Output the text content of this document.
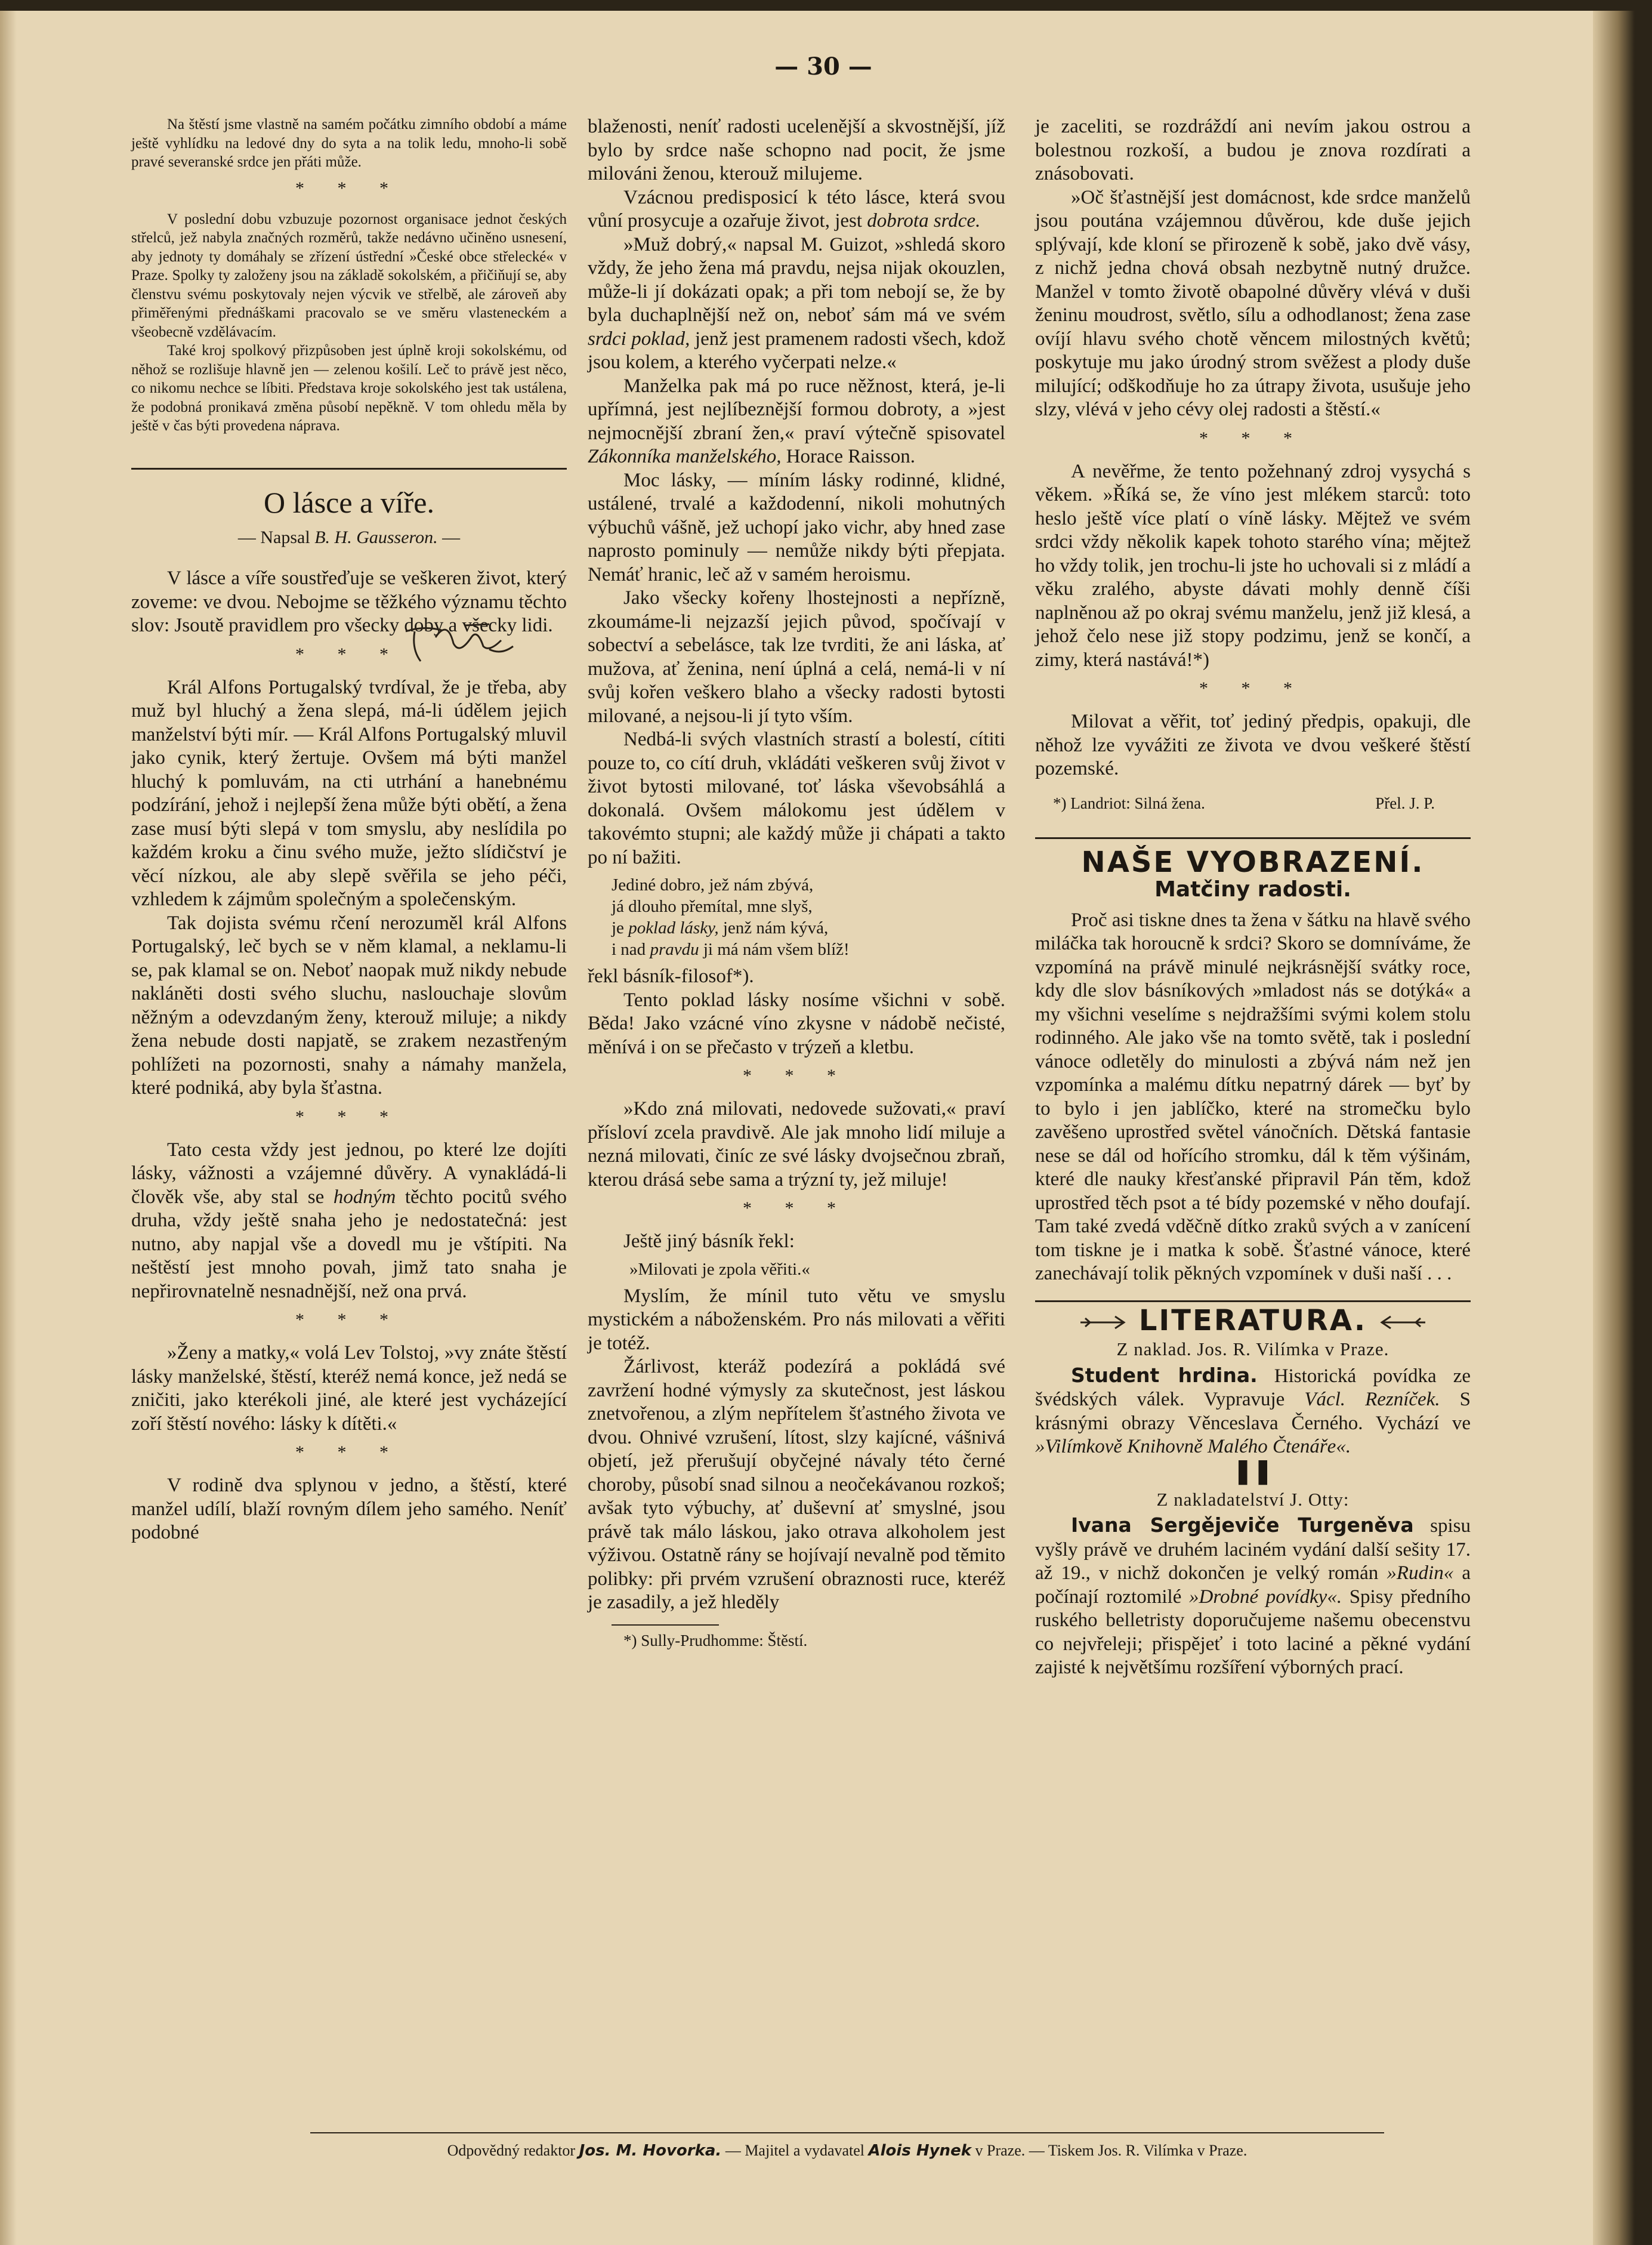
— 30 —

Na štěstí jsme vlastně na samém počátku zimního období a máme ještě vyhlídku na ledové dny do syta a na tolik ledu, mnoho-li sobě pravé severanské srdce jen přáti může.

* * *

V poslední dobu vzbuzuje pozornost organisace jednot českých střelců, jež nabyla značných rozměrů, takže nedávno učiněno usnesení, aby jednoty ty domáhaly se zřízení ústřední »České obce střelecké« v Praze. Spolky ty založeny jsou na základě sokolském, a přičiňují se, aby členstvu svému poskytovaly nejen výcvik ve střelbě, ale zároveň aby přiměřenými přednáškami pracovalo se ve směru vlasteneckém a všeobecně vzdělávacím.

Také kroj spolkový přizpůsoben jest úplně kroji sokolskému, od něhož se rozlišuje hlavně jen — zelenou košilí. Leč to právě jest něco, co nikomu nechce se líbiti. Představa kroje sokolského jest tak ustálena, že podobná pronikavá změna působí nepěkně. V tom ohledu měla by ještě v čas býti provedena náprava.

O lásce a víře.
— Napsal B. H. Gausseron. —

V lásce a víře soustřeďuje se veškeren život, který zoveme: ve dvou. Nebojme se těžkého významu těchto slov: Jsoutě pravidlem pro všecky doby a všecky lidi.

* * *

Král Alfons Portugalský tvrdíval, že je třeba, aby muž byl hluchý a žena slepá, má-li údělem jejich manželství býti mír. — Král Alfons Portugalský mluvil jako cynik, který žertuje. Ovšem má býti manžel hluchý k pomluvám, na cti utrhání a hanebnému podzírání, jehož i nejlepší žena může býti obětí, a žena zase musí býti slepá v tom smyslu, aby neslídila po každém kroku a činu svého muže, ježto slídičství je věcí nízkou, ale aby slepě svěřila se jeho péči, vzhledem k zájmům společným a společenským.

Tak dojista svému rčení nerozuměl král Alfons Portugalský, leč bych se v něm klamal, a neklamu-li se, pak klamal se on. Neboť naopak muž nikdy nebude nakláněti dosti svého sluchu, naslouchaje slovům něžným a odevzdaným ženy, kterouž miluje; a nikdy žena nebude dosti napjatě, se zrakem nezastřeným pohlížeti na pozornosti, snahy a námahy manžela, které podniká, aby byla šťastna.

* * *

Tato cesta vždy jest jednou, po které lze dojíti lásky, vážnosti a vzájemné důvěry. A vynakládá-li člověk vše, aby stal se hodným těchto pocitů svého druha, vždy ještě snaha jeho je nedostatečná: jest nutno, aby napjal vše a dovedl mu je vštípiti. Na neštěstí jest mnoho povah, jimž tato snaha je nepřirovnatelně nesnadnější, než ona prvá.

* * *

»Ženy a matky,« volá Lev Tolstoj, »vy znáte štěstí lásky manželské, štěstí, kteréž nemá konce, jež nedá se zničiti, jako kterékoli jiné, ale které jest vycházející zoří štěstí nového: lásky k dítěti.«

* * *

V rodině dva splynou v jedno, a štěstí, které manžel udílí, blaží rovným dílem jeho samého. Neníť podobné

blaženosti, neníť radosti ucelenější a skvostnější, jíž bylo by srdce naše schopno nad pocit, že jsme milováni ženou, kterouž milujeme.

Vzácnou predisposicí k této lásce, která svou vůní prosycuje a ozařuje život, jest dobrota srdce.

»Muž dobrý,« napsal M. Guizot, »shledá skoro vždy, že jeho žena má pravdu, nejsa nijak okouzlen, může-li jí dokázati opak; a při tom nebojí se, že by byla duchaplnější než on, neboť sám má ve svém srdci poklad, jenž jest pramenem radosti všech, kdož jsou kolem, a kterého vyčerpati nelze.«

Manželka pak má po ruce něžnost, která, je-li upřímná, jest nejlíbeznější formou dobroty, a »jest nejmocnější zbraní žen,« praví výtečně spisovatel Zákonníka manželského, Horace Raisson.

Moc lásky, — míním lásky rodinné, klidné, ustálené, trvalé a každodenní, nikoli mohutných výbuchů vášně, jež uchopí jako vichr, aby hned zase naprosto pominuly — nemůže nikdy býti přepjata. Nemáť hranic, leč až v samém heroismu.

Jako všecky kořeny lhostejnosti a nepřízně, zkoumáme-li nejzazší jejich původ, spočívají v sobectví a sebelásce, tak lze tvrditi, že ani láska, ať mužova, ať ženina, není úplná a celá, nemá-li v ní svůj kořen veškero blaho a všecky radosti bytosti milované, a nejsou-li jí tyto vším.

Nedbá-li svých vlastních strastí a bolestí, cítiti pouze to, co cítí druh, vkládáti veškeren svůj život v život bytosti milované, toť láska vševobsáhlá a dokonalá. Ovšem málokomu jest údělem v takovémto stupni; ale každý může ji chápati a takto po ní bažiti.

Jediné dobro, jež nám zbývá,
já dlouho přemítal, mne slyš,
je poklad lásky, jenž nám kývá,
i nad pravdu ji má nám všem blíž!

řekl básník-filosof*).

Tento poklad lásky nosíme všichni v sobě. Běda! Jako vzácné víno zkysne v nádobě nečisté, měnívá i on se přečasto v trýzeň a kletbu.

* * *

»Kdo zná milovati, nedovede sužovati,« praví přísloví zcela pravdivě. Ale jak mnoho lidí miluje a nezná milovati, činíc ze své lásky dvojsečnou zbraň, kterou drásá sebe sama a trýzní ty, jež miluje!

* * *

Ještě jiný básník řekl:

»Milovati je zpola věřiti.«

Myslím, že mínil tuto větu ve smyslu mystickém a náboženském. Pro nás milovati a věřiti je totéž.

Žárlivost, kteráž podezírá a pokládá své zavržení hodné výmysly za skutečnost, jest láskou znetvořenou, a zlým nepřítelem šťastného života ve dvou. Ohnivé vzrušení, lítost, slzy kajícné, vášnivá objetí, jež přerušují obyčejné návaly této černé choroby, působí snad silnou a neočekávanou rozkoš; avšak tyto výbuchy, ať duševní ať smyslné, jsou právě tak málo láskou, jako otrava alkoholem jest výživou. Ostatně rány se hojívají nevalně pod těmito polibky: při prvém vzrušení obraznosti ruce, kteréž je zasadily, a jež hleděly

*) Sully-Prudhomme: Štěstí.

je zaceliti, se rozdráždí ani nevím jakou ostrou a bolestnou rozkoší, a budou je znova rozdírati a znásobovati.

»Oč šťastnější jest domácnost, kde srdce manželů jsou poutána vzájemnou důvěrou, kde duše jejich splývají, kde kloní se přirozeně k sobě, jako dvě vásy, z nichž jedna chová obsah nezbytně nutný družce. Manžel v tomto životě obapolné důvěry vlévá v duši ženinu moudrost, světlo, sílu a odhodlanost; žena zase ovíjí hlavu svého chotě věncem milostných květů; poskytuje mu jako úrodný strom svěžest a plody duše milující; odškodňuje ho za útrapy života, usušuje jeho slzy, vlévá v jeho cévy olej radosti a štěstí.«

* * *

A nevěřme, že tento požehnaný zdroj vysychá s věkem. »Říká se, že víno jest mlékem starců: toto heslo ještě více platí o víně lásky. Mějtež ve svém srdci vždy několik kapek tohoto starého vína; mějtež ho vždy tolik, jen trochu-li jste ho uchovali si z mládí a věku zralého, abyste dávati mohly denně číši naplněnou až po okraj svému manželu, jenž již klesá, a jehož čelo nese již stopy podzimu, jenž se končí, a zimy, která nastává!*)

* * *

Milovat a věřit, toť jediný předpis, opakuji, dle něhož lze vyvážiti ze života ve dvou veškeré štěstí pozemské.

*) Landriot: Silná žena.	Přel. J. P.
NAŠE VYOBRAZENÍ.
Matčiny radosti.

Proč asi tiskne dnes ta žena v šátku na hlavě svého miláčka tak horoucně k srdci? Skoro se domníváme, že vzpomíná na právě minulé nejkrásnější svátky roce, kdy dle slov básníkových »mladost nás se dotýká« a my všichni veselíme s nejdražšími svými kolem stolu rodinného. Ale jako vše na tomto světě, tak i poslední vánoce odletěly do minulosti a zbývá nám než jen vzpomínka a malému dítku nepatrný dárek — byť by to bylo i jen jablíčko, které na stromečku bylo zavěšeno uprostřed světel vánočních. Dětská fantasie nese se dál od hořícího stromku, dál k těm výšinám, které dle nauky křesťanské připravil Pán těm, kdož uprostřed těch psot a té bídy pozemské v něho doufají. Tam také zvedá vděčně dítko zraků svých a v zanícení tom tiskne je i matka k sobě. Šťastné vánoce, které zanechávají tolik pěkných vzpomínek v duši naší . . .

LITERATURA.
Z naklad. Jos. R. Vilímka v Praze.

Student hrdina. Historická povídka ze švédských válek. Vypravuje Václ. Rezníček. S krásnými obrazy Věnceslava Černého. Vychází ve »Vilímkově Knihovně Malého Čtenáře«.

❚❚
Z nakladatelství J. Otty:

Ivana Sergějeviče Turgeněva spisu vyšly právě ve druhém laciném vydání další sešity 17. až 19., v nichž dokončen je velký román »Rudin« a počínají roztomilé »Drobné povídky«. Spisy předního ruského belletristy doporučujeme našemu obecenstvu co nejvřeleji; přispějeť i toto laciné a pěkné vydání zajisté k největšímu rozšíření výborných prací.

Odpovědný redaktor Jos. M. Hovorka. — Majitel a vydavatel Alois Hynek v Praze. — Tiskem Jos. R. Vilímka v Praze.
